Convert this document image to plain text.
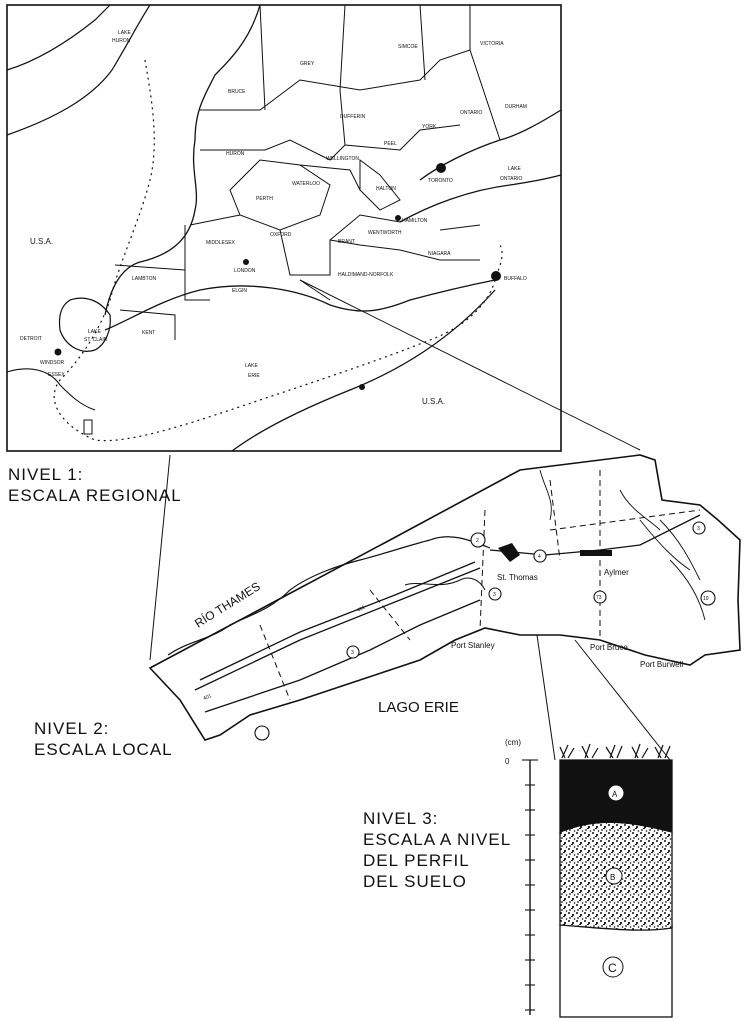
U.S.A.
U.S.A.
LAKE
HURON
LAKE
ONTARIO
LAKE
ERIE
LAKE
ST. CLAIR
TORONTO
LONDON
BUFFALO
DETROIT
HAMILTON
BRUCE
GREY
SIMCOE	VICTORIA
DURHAM
ONTARIO
DUFFERIN
YORK
PEEL
HURON
PERTH
WELLINGTON
WATERLOO
HALTON
MIDDLESEX
OXFORD
BRANT
WENTWORTH
LAMBTON
ELGIN
KENT
ESSEX
WINDSOR
HALDIMAND-NORFOLK
NIAGARA
2
4
3	73
3
19
3
401
401
RÍO THAMES
LAGO ERIE
St. Thomas
Aylmer
Port Stanley	Port Bruce
Port Burwell
(cm)
0
A
B
C
NIVEL 1:
ESCALA REGIONAL
NIVEL 2:
ESCALA LOCAL
NIVEL 3:
ESCALA A NIVEL
DEL PERFIL
DEL SUELO
